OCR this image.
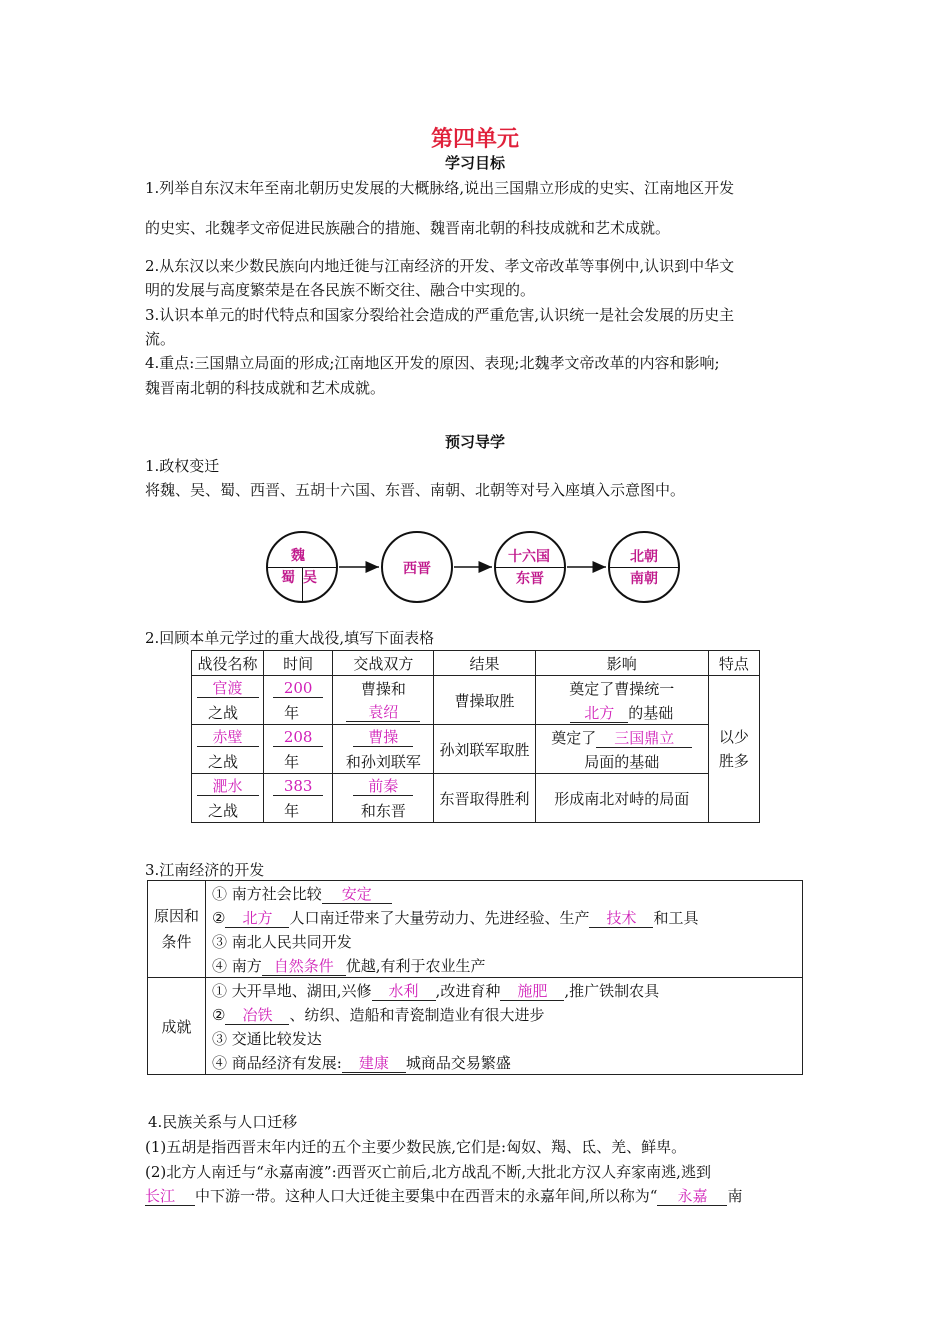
第四单元
学习目标
1.列举自东汉末年至南北朝历史发展的大概脉络,说出三国鼎立形成的史实、江南地区开发
的史实、北魏孝文帝促进民族融合的措施、魏晋南北朝的科技成就和艺术成就。
2.从东汉以来少数民族向内地迁徙与江南经济的开发、孝文帝改革等事例中,认识到中华文
明的发展与高度繁荣是在各民族不断交往、融合中实现的。
3.认识本单元的时代特点和国家分裂给社会造成的严重危害,认识统一是社会发展的历史主
流。
4.重点:三国鼎立局面的形成;江南地区开发的原因、表现;北魏孝文帝改革的内容和影响;
魏晋南北朝的科技成就和艺术成就。
预习导学
1.政权变迁
将魏、吴、蜀、西晋、五胡十六国、东晋、南朝、北朝等对号入座填入示意图中。
魏
蜀 吴
西晋
十六国
东晋
北朝
南朝
2.回顾本单元学过的重大战役,填写下面表格
战役名称	时间	交战双方	结果	影响	特点
官渡	200	曹操和	曹操取胜	奠定了曹操统一	以少胜多

之战	年	袁绍		北方 的基础	
赤壁	208	曹操	孙刘联军取胜	奠定了 三国鼎立	
之战	年	和孙刘联军		局面的基础	
淝水	383	前秦	东晋取得胜利	形成南北对峙的局面	
之战	年	和东晋			
3.江南经济的开发
原因和条件	① 南方社会比较 安定
	② 北方 人口南迁带来了大量劳动力、先进经验、生产 技术 和工具
	③ 南北人民共同开发
	④ 南方 自然条件 优越,有利于农业生产
成就	① 大开旱地、湖田,兴修 水利 ,改进育种 施肥 ,推广铁制农具
	② 冶铁 、纺织、造船和青瓷制造业有很大进步
	③ 交通比较发达
	④ 商品经济有发展: 建康 城商品交易繁盛
4.民族关系与人口迁移
(1)五胡是指西晋末年内迁的五个主要少数民族,它们是:匈奴、羯、氐、羌、鲜卑。
(2)北方人南迁与“永嘉南渡”:西晋灭亡前后,北方战乱不断,大批北方汉人弃家南逃,逃到
长江 中下游一带。这种人口大迁徙主要集中在西晋末的永嘉年间,所以称为“ 永嘉 南
